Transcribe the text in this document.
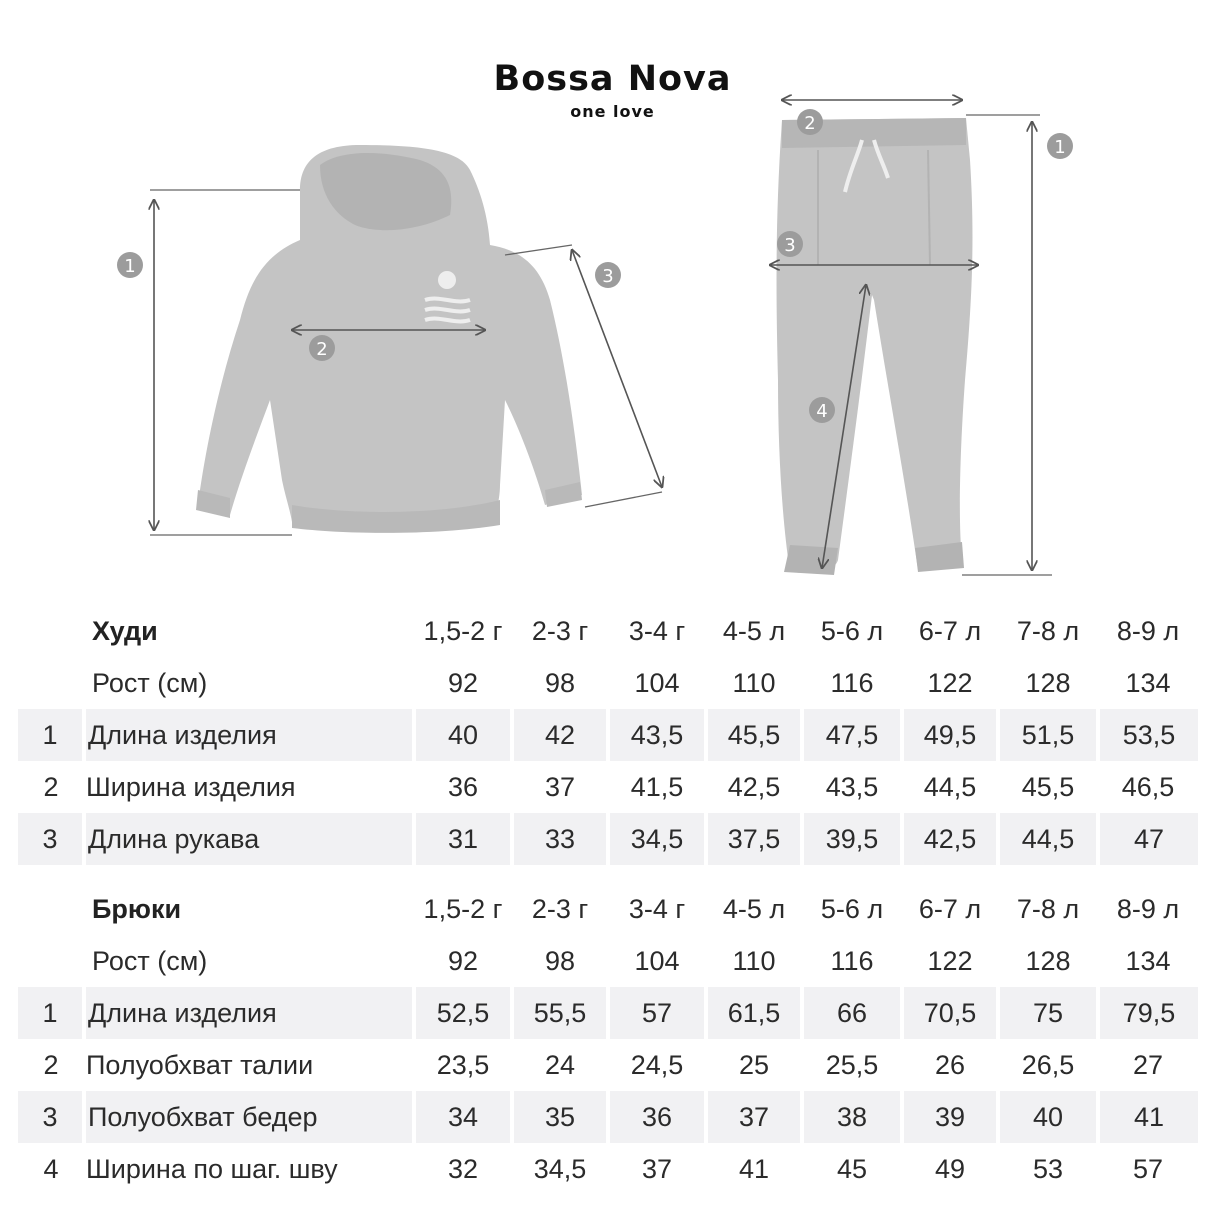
Bossa Nova
one love
1
2
3
1
2
3
4
	Худи	1,5-2 г	2-3 г	3-4 г	4-5 л	5-6 л	6-7 л	7-8 л	8-9 л
	Рост (см)	92	98	104	110	116	122	128	134
1	Длина изделия	40	42	43,5	45,5	47,5	49,5	51,5	53,5
2	Ширина изделия	36	37	41,5	42,5	43,5	44,5	45,5	46,5
3	Длина рукава	31	33	34,5	37,5	39,5	42,5	44,5	47
	Брюки	1,5-2 г	2-3 г	3-4 г	4-5 л	5-6 л	6-7 л	7-8 л	8-9 л
	Рост (см)	92	98	104	110	116	122	128	134
1	Длина изделия	52,5	55,5	57	61,5	66	70,5	75	79,5
2	Полуобхват талии	23,5	24	24,5	25	25,5	26	26,5	27
3	Полуобхват бедер	34	35	36	37	38	39	40	41
4	Ширина по шаг. шву	32	34,5	37	41	45	49	53	57
